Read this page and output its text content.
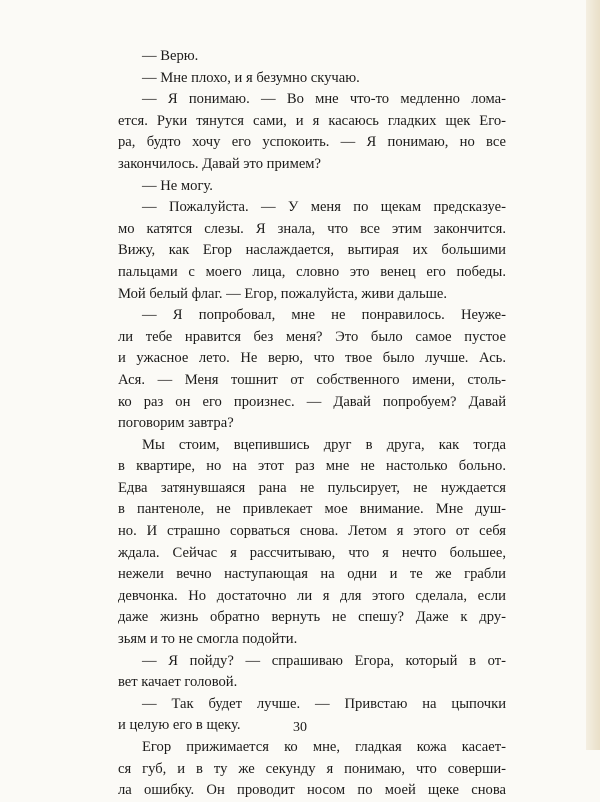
— Верю.
— Мне плохо, и я безумно скучаю.
— Я понимаю. — Во мне что-то медленно лома-
ется. Руки тянутся сами, и я касаюсь гладких щек Его-
ра, будто хочу его успокоить. — Я понимаю, но все
закончилось. Давай это примем?
— Не могу.
— Пожалуйста. — У меня по щекам предсказуе-
мо катятся слезы. Я знала, что все этим закончится.
Вижу, как Егор наслаждается, вытирая их большими
пальцами с моего лица, словно это венец его победы.
Мой белый флаг. — Егор, пожалуйста, живи дальше.
— Я попробовал, мне не понравилось. Неуже-
ли тебе нравится без меня? Это было самое пустое
и ужасное лето. Не верю, что твое было лучше. Ась.
Ася. — Меня тошнит от собственного имени, столь-
ко раз он его произнес. — Давай попробуем? Давай
поговорим завтра?
Мы стоим, вцепившись друг в друга, как тогда
в квартире, но на этот раз мне не настолько больно.
Едва затянувшаяся рана не пульсирует, не нуждается
в пантеноле, не привлекает мое внимание. Мне душ-
но. И страшно сорваться снова. Летом я этого от себя
ждала. Сейчас я рассчитываю, что я нечто большее,
нежели вечно наступающая на одни и те же грабли
девчонка. Но достаточно ли я для этого сделала, если
даже жизнь обратно вернуть не спешу? Даже к дру-
зьям и то не смогла подойти.
— Я пойду? — спрашиваю Егора, который в от-
вет качает головой.
— Так будет лучше. — Привстаю на цыпочки
и целую его в щеку.
Егор прижимается ко мне, гладкая кожа касает-
ся губ, и в ту же секунду я понимаю, что соверши-
ла ошибку. Он проводит носом по моей щеке снова
30
